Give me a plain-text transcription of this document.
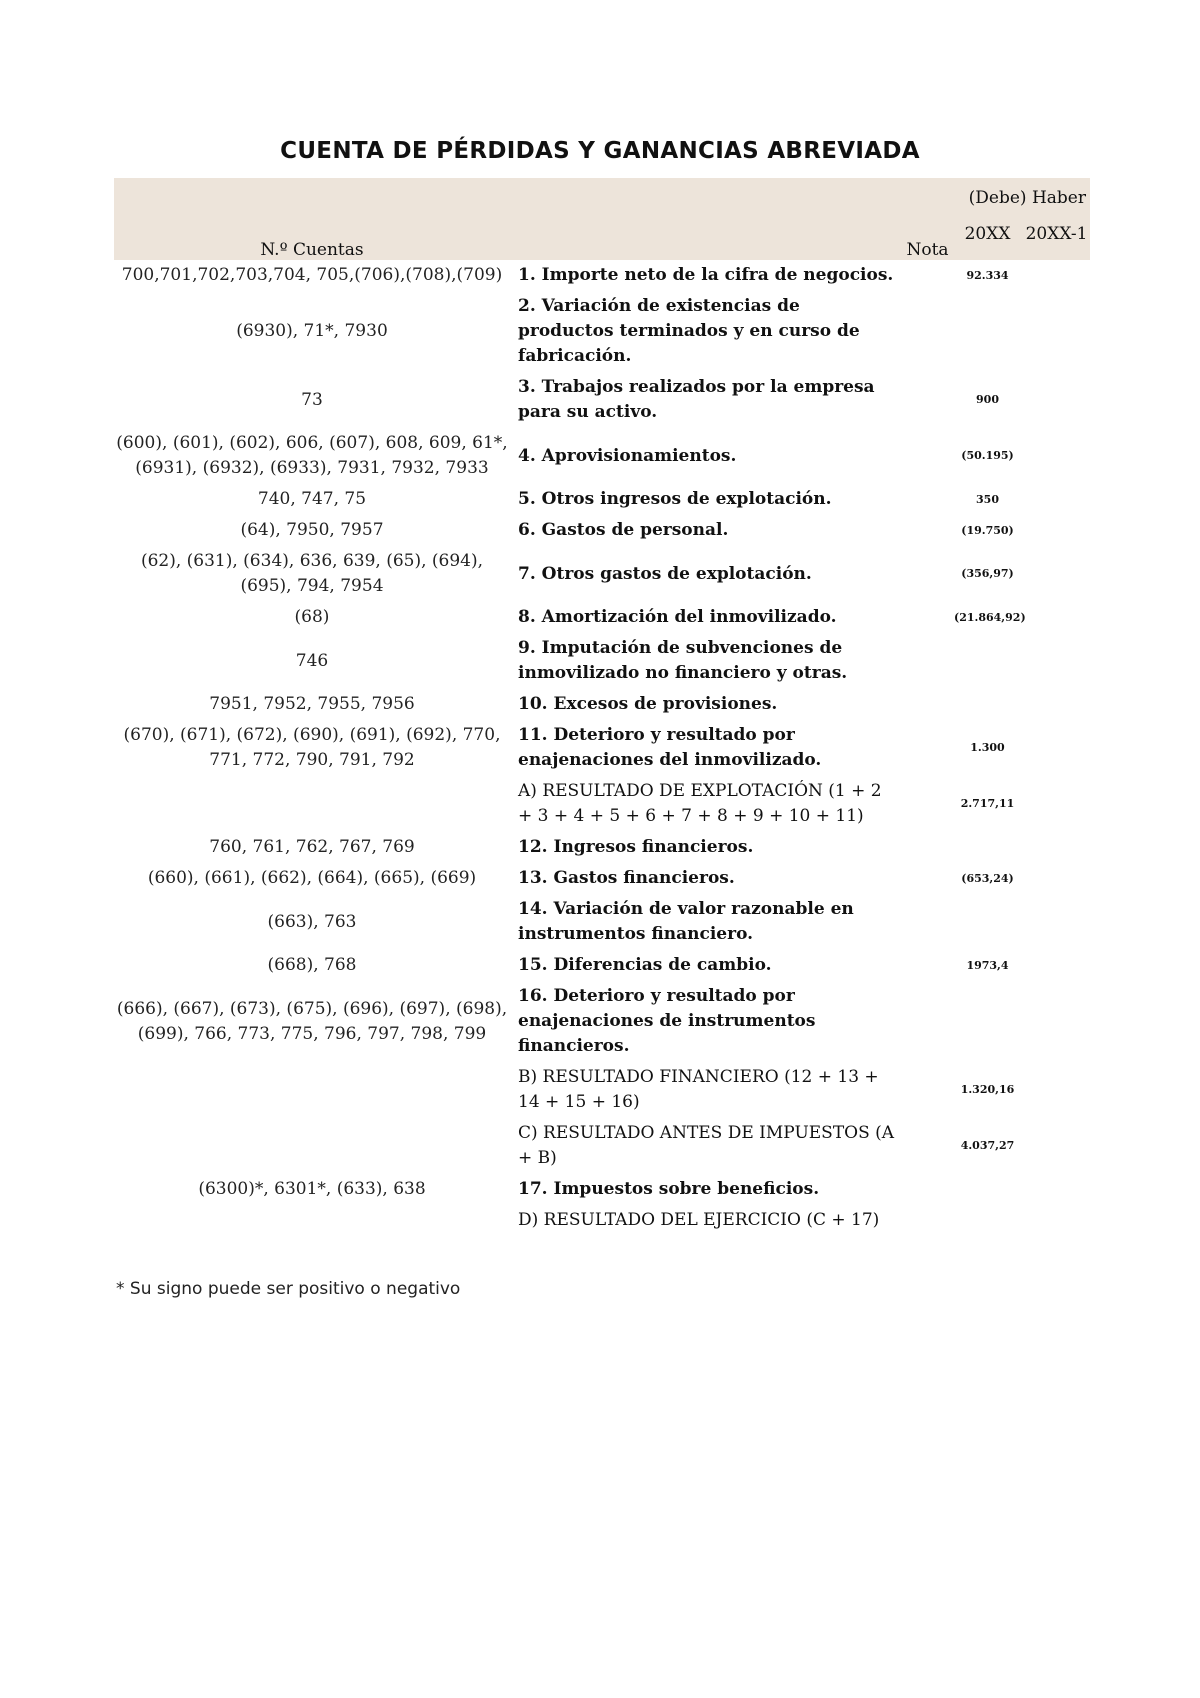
CUENTA DE PÉRDIDAS Y GANANCIAS ABREVIADA
N.º Cuentas		Nota	(Debe) Haber	
			20XX	20XX-1
700,701,702,703,704, 705,(706),(708),(709)	1. Importe neto de la cifra de negocios.		92.334	
(6930), 71*, 7930	2. Variación de existencias de productos terminados y en curso de fabricación.			
73	3. Trabajos realizados por la empresa para su activo.		900	
(600), (601), (602), 606, (607), 608, 609, 61*, (6931), (6932), (6933), 7931, 7932, 7933	4. Aprovisionamientos.		(50.195)	
740, 747, 75	5. Otros ingresos de explotación.		350	
(64), 7950, 7957	6. Gastos de personal.		(19.750)	
(62), (631), (634), 636, 639, (65), (694), (695), 794, 7954	7. Otros gastos de explotación.		(356,97)	
(68)	8. Amortización del inmovilizado.		(21.864,92)	
746	9. Imputación de subvenciones de inmovilizado no financiero y otras.			
7951, 7952, 7955, 7956	10. Excesos de provisiones.			
(670), (671), (672), (690), (691), (692), 770, 771, 772, 790, 791, 792	11. Deterioro y resultado por enajenaciones del inmovilizado.		1.300	
	A) RESULTADO DE EXPLOTACIÓN (1 + 2 + 3 + 4 + 5 + 6 + 7 + 8 + 9 + 10 + 11)		2.717,11	
760, 761, 762, 767, 769	12. Ingresos financieros.			
(660), (661), (662), (664), (665), (669)	13. Gastos financieros.		(653,24)	
(663), 763	14. Variación de valor razonable en instrumentos financiero.			
(668), 768	15. Diferencias de cambio.		1973,4	
(666), (667), (673), (675), (696), (697), (698), (699), 766, 773, 775, 796, 797, 798, 799	16. Deterioro y resultado por enajenaciones de instrumentos financieros.			
	B) RESULTADO FINANCIERO (12 + 13 + 14 + 15 + 16)		1.320,16	
	C) RESULTADO ANTES DE IMPUESTOS (A + B)		4.037,27	
(6300)*, 6301*, (633), 638	17. Impuestos sobre beneficios.			
	D) RESULTADO DEL EJERCICIO (C + 17)			
* Su signo puede ser positivo o negativo
